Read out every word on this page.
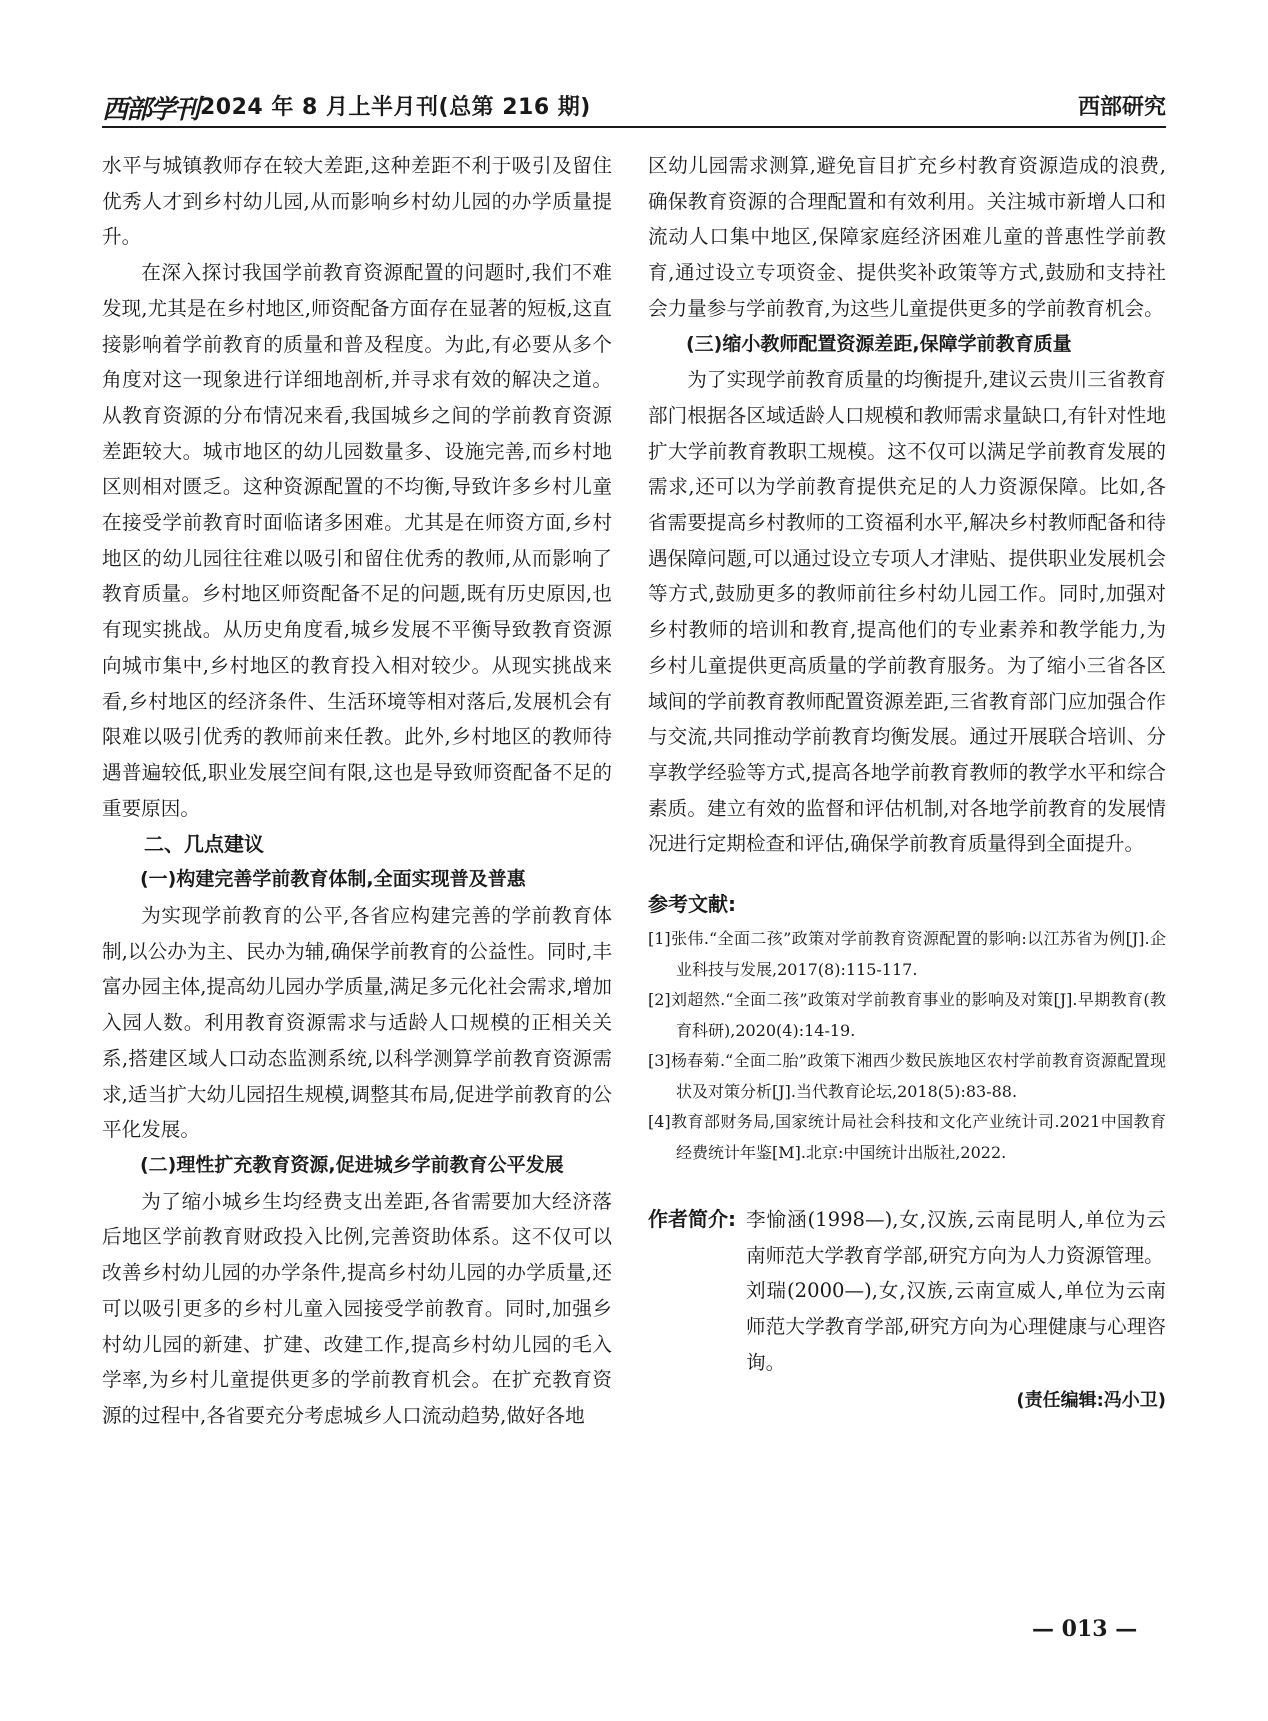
西部学刊 2024 年 8 月上半月刊(总第 216 期)	西部研究

水平与城镇教师存在较大差距,这种差距不利于吸引及留住优秀人才到乡村幼儿园,从而影响乡村幼儿园的办学质量提升。

在深入探讨我国学前教育资源配置的问题时,我们不难发现,尤其是在乡村地区,师资配备方面存在显著的短板,这直接影响着学前教育的质量和普及程度。为此,有必要从多个角度对这一现象进行详细地剖析,并寻求有效的解决之道。从教育资源的分布情况来看,我国城乡之间的学前教育资源差距较大。城市地区的幼儿园数量多、设施完善,而乡村地区则相对匮乏。这种资源配置的不均衡,导致许多乡村儿童在接受学前教育时面临诸多困难。尤其是在师资方面,乡村地区的幼儿园往往难以吸引和留住优秀的教师,从而影响了教育质量。乡村地区师资配备不足的问题,既有历史原因,也有现实挑战。从历史角度看,城乡发展不平衡导致教育资源向城市集中,乡村地区的教育投入相对较少。从现实挑战来看,乡村地区的经济条件、生活环境等相对落后,发展机会有限难以吸引优秀的教师前来任教。此外,乡村地区的教师待遇普遍较低,职业发展空间有限,这也是导致师资配备不足的重要原因。

二、几点建议
(一)构建完善学前教育体制,全面实现普及普惠

为实现学前教育的公平,各省应构建完善的学前教育体制,以公办为主、民办为辅,确保学前教育的公益性。同时,丰富办园主体,提高幼儿园办学质量,满足多元化社会需求,增加入园人数。利用教育资源需求与适龄人口规模的正相关关系,搭建区域人口动态监测系统,以科学测算学前教育资源需求,适当扩大幼儿园招生规模,调整其布局,促进学前教育的公平化发展。

(二)理性扩充教育资源,促进城乡学前教育公平发展

为了缩小城乡生均经费支出差距,各省需要加大经济落后地区学前教育财政投入比例,完善资助体系。这不仅可以改善乡村幼儿园的办学条件,提高乡村幼儿园的办学质量,还可以吸引更多的乡村儿童入园接受学前教育。同时,加强乡村幼儿园的新建、扩建、改建工作,提高乡村幼儿园的毛入学率,为乡村儿童提供更多的学前教育机会。在扩充教育资源的过程中,各省要充分考虑城乡人口流动趋势,做好各地

区幼儿园需求测算,避免盲目扩充乡村教育资源造成的浪费,确保教育资源的合理配置和有效利用。关注城市新增人口和流动人口集中地区,保障家庭经济困难儿童的普惠性学前教育,通过设立专项资金、提供奖补政策等方式,鼓励和支持社会力量参与学前教育,为这些儿童提供更多的学前教育机会。

(三)缩小教师配置资源差距,保障学前教育质量

为了实现学前教育质量的均衡提升,建议云贵川三省教育部门根据各区域适龄人口规模和教师需求量缺口,有针对性地扩大学前教育教职工规模。这不仅可以满足学前教育发展的需求,还可以为学前教育提供充足的人力资源保障。比如,各省需要提高乡村教师的工资福利水平,解决乡村教师配备和待遇保障问题,可以通过设立专项人才津贴、提供职业发展机会等方式,鼓励更多的教师前往乡村幼儿园工作。同时,加强对乡村教师的培训和教育,提高他们的专业素养和教学能力,为乡村儿童提供更高质量的学前教育服务。为了缩小三省各区域间的学前教育教师配置资源差距,三省教育部门应加强合作与交流,共同推动学前教育均衡发展。通过开展联合培训、分享教学经验等方式,提高各地学前教育教师的教学水平和综合素质。建立有效的监督和评估机制,对各地学前教育的发展情况进行定期检查和评估,确保学前教育质量得到全面提升。

参考文献:
[1]张伟.“全面二孩”政策对学前教育资源配置的影响:以江苏省为例[J].企业科技与发展,2017(8):115-117.
[2]刘超然.“全面二孩”政策对学前教育事业的影响及对策[J].早期教育(教育科研),2020(4):14-19.
[3]杨春菊.“全面二胎”政策下湘西少数民族地区农村学前教育资源配置现状及对策分析[J].当代教育论坛,2018(5):83-88.
[4]教育部财务局,国家统计局社会科技和文化产业统计司.2021中国教育经费统计年鉴[M].北京:中国统计出版社,2022.
作者简介: 李愉涵(1998—),女,汉族,云南昆明人,单位为云南师范大学教育学部,研究方向为人力资源管理。

刘瑞(2000—),女,汉族,云南宣威人,单位为云南师范大学教育学部,研究方向为心理健康与心理咨询。

(责任编辑:冯小卫)
— 013 —
